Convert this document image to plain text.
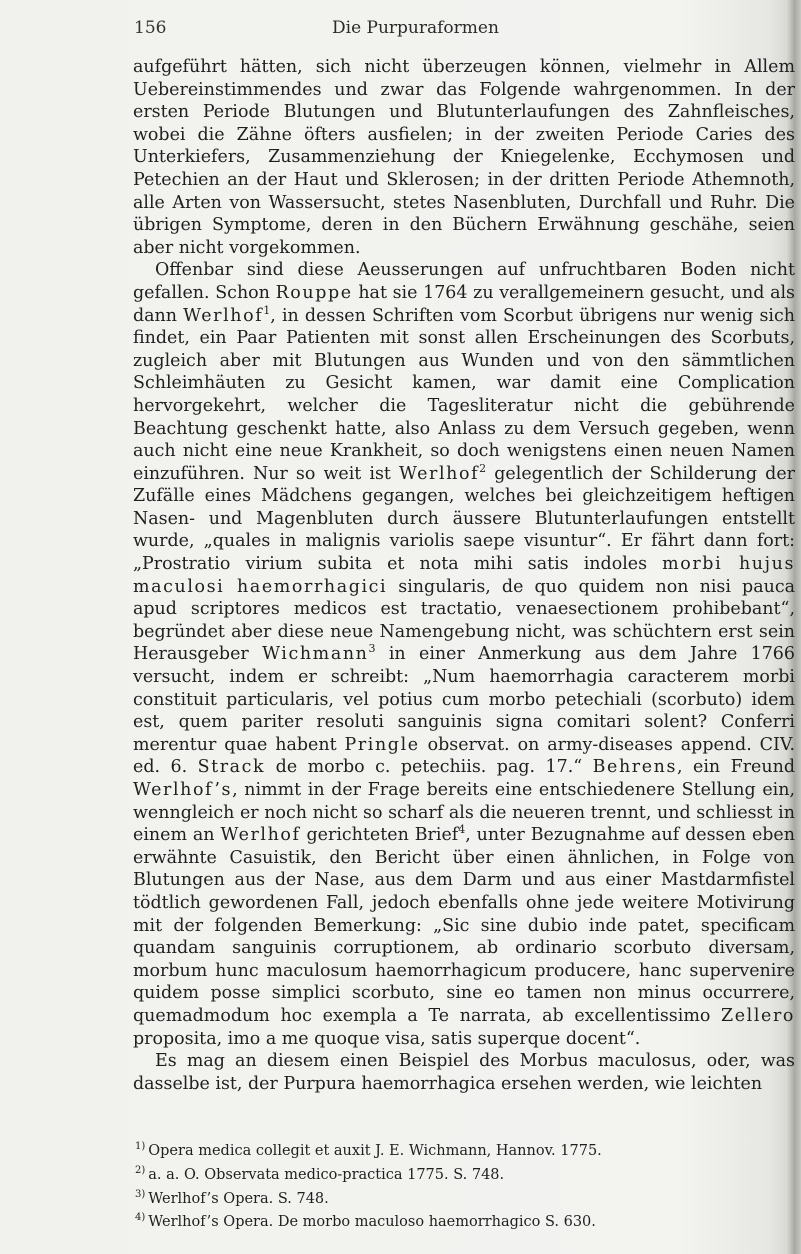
156	Die Purpuraformen

aufgeführt hätten, sich nicht überzeugen können, vielmehr in Allem Uebereinstimmendes und zwar das Folgende wahrgenommen. In der ersten Periode Blutungen und Blutunterlaufungen des Zahnfleisches, wobei die Zähne öfters ausfielen; in der zweiten Periode Caries des Unterkiefers, Zusammenziehung der Kniegelenke, Ecchymosen und Petechien an der Haut und Sklerosen; in der dritten Periode Athemnoth, alle Arten von Wassersucht, stetes Nasenbluten, Durchfall und Ruhr. Die übrigen Symptome, deren in den Büchern Erwähnung geschähe, seien aber nicht vorgekommen.

Offenbar sind diese Aeusserungen auf unfruchtbaren Boden nicht gefallen. Schon Rouppe hat sie 1764 zu verallgemeinern gesucht, und als dann Werlhof$^1$, in dessen Schriften vom Scorbut übrigens nur wenig sich findet, ein Paar Patienten mit sonst allen Erscheinungen des Scorbuts, zugleich aber mit Blutungen aus Wunden und von den sämmtlichen Schleimhäuten zu Gesicht kamen, war damit eine Complication hervorgekehrt, welcher die Tagesliteratur nicht die gebührende Beachtung geschenkt hatte, also Anlass zu dem Versuch gegeben, wenn auch nicht eine neue Krankheit, so doch wenigstens einen neuen Namen einzuführen. Nur so weit ist Werlhof$^2$ gelegentlich der Schilderung der Zufälle eines Mädchens gegangen, welches bei gleichzeitigem heftigen Nasen- und Magenbluten durch äussere Blutunterlaufungen entstellt wurde, „quales in malignis variolis saepe visuntur“. Er fährt dann fort: „Prostratio virium subita et nota mihi satis indoles morbi hujus maculosi haemorrhagici singularis, de quo quidem non nisi pauca apud scriptores medicos est tractatio, venaesectionem prohibebant“, begründet aber diese neue Namengebung nicht, was schüchtern erst sein Herausgeber Wichmann$^3$ in einer Anmerkung aus dem Jahre 1766 versucht, indem er schreibt: „Num haemorrhagia caracterem morbi constituit particularis, vel potius cum morbo petechiali (scorbuto) idem est, quem pariter resoluti sanguinis signa comitari solent? Conferri merentur quae habent Pringle observat. on army-diseases append. CIV. ed. 6. Strack de morbo c. petechiis. pag. 17.“ Behrens, ein Freund Werlhof’s, nimmt in der Frage bereits eine entschiedenere Stellung ein, wenngleich er noch nicht so scharf als die neueren trennt, und schliesst in einem an Werlhof gerichteten Brief$^4$, unter Bezugnahme auf dessen eben erwähnte Casuistik, den Bericht über einen ähnlichen, in Folge von Blutungen aus der Nase, aus dem Darm und aus einer Mastdarmfistel tödtlich gewordenen Fall, jedoch ebenfalls ohne jede weitere Motivirung mit der folgenden Bemerkung: „Sic sine dubio inde patet, specificam quandam sanguinis corruptionem, ab ordinario scorbuto diversam, morbum hunc maculosum haemorrhagicum producere, hanc supervenire quidem posse simplici scorbuto, sine eo tamen non minus occurrere, quemadmodum hoc exempla a Te narrata, ab excellentissimo Zellero proposita, imo a me quoque visa, satis superque docent“.

Es mag an diesem einen Beispiel des Morbus maculosus, oder, was dasselbe ist, der Purpura haemorrhagica ersehen werden, wie leichten

$^{1)}$ Opera medica collegit et auxit J. E. Wichmann, Hannov. 1775.
$^{2)}$ a. a. O. Observata medico-practica 1775. S. 748.
$^{3)}$ Werlhof’s Opera. S. 748.
$^{4)}$ Werlhof’s Opera. De morbo maculoso haemorrhagico S. 630.
